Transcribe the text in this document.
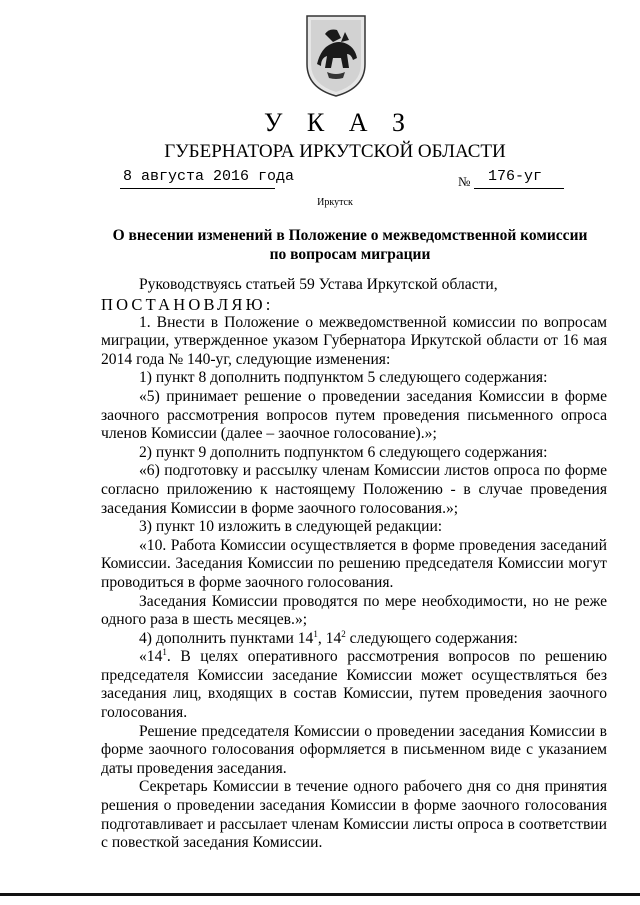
У К А З
ГУБЕРНАТОРА ИРКУТСКОЙ ОБЛАСТИ
8 августа 2016 года	№ 176-уг
Иркутск
О внесении изменений в Положение о межведомственной комиссии
по вопросам миграции

Руководствуясь статьей 59 Устава Иркутской области,

ПОСТАНОВЛЯЮ:

1. Внести в Положение о межведомственной комиссии по вопросам миграции, утвержденное указом Губернатора Иркутской области от 16 мая 2014 года № 140-уг, следующие изменения:

1) пункт 8 дополнить подпунктом 5 следующего содержания:

«5) принимает решение о проведении заседания Комиссии в форме заочного рассмотрения вопросов путем проведения письменного опроса членов Комиссии (далее – заочное голосование).»;

2) пункт 9 дополнить подпунктом 6 следующего содержания:

«6) подготовку и рассылку членам Комиссии листов опроса по форме согласно приложению к настоящему Положению - в случае проведения заседания Комиссии в форме заочного голосования.»;

3) пункт 10 изложить в следующей редакции:

«10. Работа Комиссии осуществляется в форме проведения заседаний Комиссии. Заседания Комиссии по решению председателя Комиссии могут проводиться в форме заочного голосования.

Заседания Комиссии проводятся по мере необходимости, но не реже одного раза в шесть месяцев.»;

4) дополнить пунктами $14^1$, $14^2$ следующего содержания:

«$14^1$. В целях оперативного рассмотрения вопросов по решению председателя Комиссии заседание Комиссии может осуществляться без заседания лиц, входящих в состав Комиссии, путем проведения заочного голосования.

Решение председателя Комиссии о проведении заседания Комиссии в форме заочного голосования оформляется в письменном виде с указанием даты проведения заседания.

Секретарь Комиссии в течение одного рабочего дня со дня принятия решения о проведении заседания Комиссии в форме заочного голосования подготавливает и рассылает членам Комиссии листы опроса в соответствии с повесткой заседания Комиссии.
